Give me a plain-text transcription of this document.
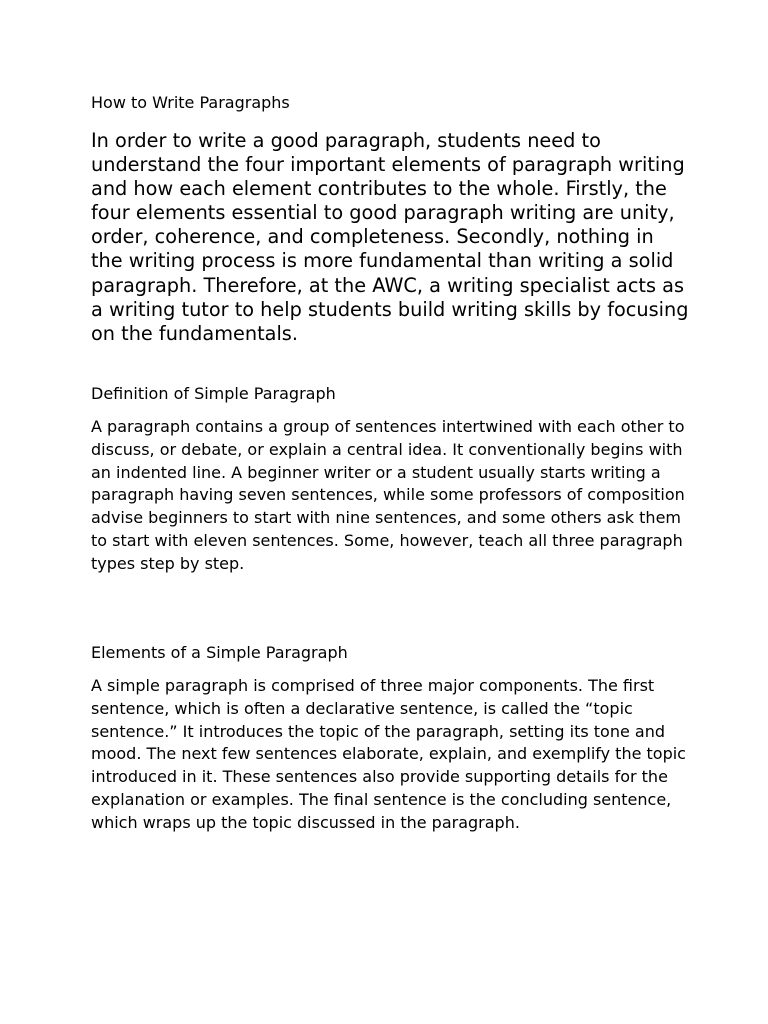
How to Write Paragraphs

In order to write a good paragraph, students need to understand the four important elements of paragraph writing and how each element contributes to the whole. Firstly, the four elements essential to good paragraph writing are unity, order, coherence, and completeness. Secondly, nothing in the writing process is more fundamental than writing a solid paragraph. Therefore, at the AWC, a writing specialist acts as a writing tutor to help students build writing skills by focusing on the fundamentals.

Definition of Simple Paragraph

A paragraph contains a group of sentences intertwined with each other to discuss, or debate, or explain a central idea. It conventionally begins with an indented line. A beginner writer or a student usually starts writing a paragraph having seven sentences, while some professors of composition advise beginners to start with nine sentences, and some others ask them to start with eleven sentences. Some, however, teach all three paragraph types step by step.

Elements of a Simple Paragraph

A simple paragraph is comprised of three major components. The first sentence, which is often a declarative sentence, is called the “topic sentence.” It introduces the topic of the paragraph, setting its tone and mood. The next few sentences elaborate, explain, and exemplify the topic introduced in it. These sentences also provide supporting details for the explanation or examples. The final sentence is the concluding sentence, which wraps up the topic discussed in the paragraph.
